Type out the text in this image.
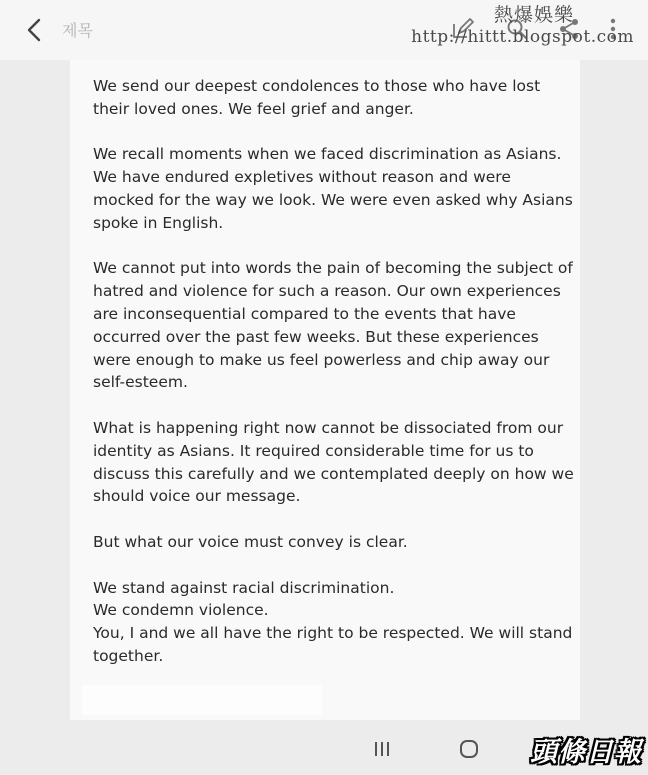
제목
熱爆娛樂
http://hittt.blogspot.com

We send our deepest condolences to those who have lost
their loved ones. We feel grief and anger.

We recall moments when we faced discrimination as Asians.
We have endured expletives without reason and were
mocked for the way we look. We were even asked why Asians
spoke in English.

We cannot put into words the pain of becoming the subject of
hatred and violence for such a reason. Our own experiences
are inconsequential compared to the events that have
occurred over the past few weeks. But these experiences
were enough to make us feel powerless and chip away our
self-esteem.

What is happening right now cannot be dissociated from our
identity as Asians. It required considerable time for us to
discuss this carefully and we contemplated deeply on how we
should voice our message.

But what our voice must convey is clear.

We stand against racial discrimination.
We condemn violence.
You, I and we all have the right to be respected. We will stand
together.

頭條日報
